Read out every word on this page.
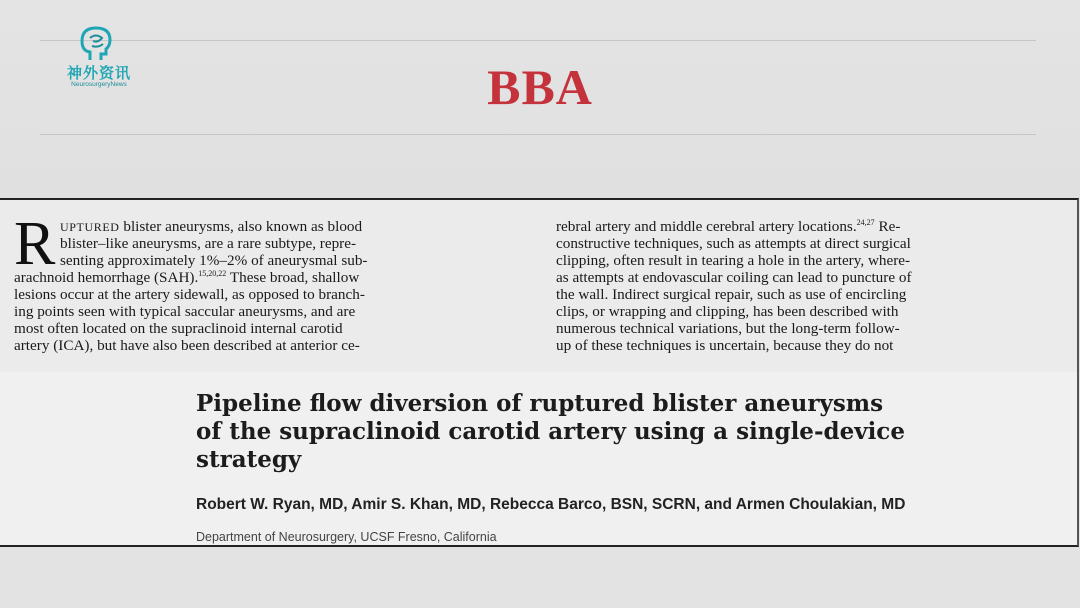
神外资讯
NeurosurgeryNews	BBA
R UPTURED blister aneurysms, also known as blood
blister–like aneurysms, are a rare subtype, repre-
senting approximately 1%–2% of aneurysmal sub-
arachnoid hemorrhage (SAH).$^{15,20,22}$ These broad, shallow
lesions occur at the artery sidewall, as opposed to branch-
ing points seen with typical saccular aneurysms, and are
most often located on the supraclinoid internal carotid
artery (ICA), but have also been described at anterior ce-
rebral artery and middle cerebral artery locations.$^{24,27}$ Re-
constructive techniques, such as attempts at direct surgical
clipping, often result in tearing a hole in the artery, where-
as attempts at endovascular coiling can lead to puncture of
the wall. Indirect surgical repair, such as use of encircling
clips, or wrapping and clipping, has been described with
numerous technical variations, but the long-term follow-
up of these techniques is uncertain, because they do not
Pipeline flow diversion of ruptured blister aneurysms
of the supraclinoid carotid artery using a single-device
strategy
Robert W. Ryan, MD, Amir S. Khan, MD, Rebecca Barco, BSN, SCRN, and Armen Choulakian, MD
Department of Neurosurgery, UCSF Fresno, California
